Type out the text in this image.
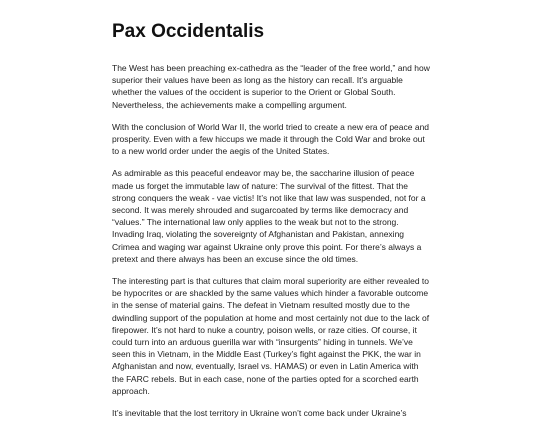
Pax Occidentalis

The West has been preaching ex-cathedra as the “leader of the free world,” and how superior their values have been as long as the history can recall. It’s arguable whether the values of the occident is superior to the Orient or Global South. Nevertheless, the achievements make a compelling argument.

With the conclusion of World War II, the world tried to create a new era of peace and prosperity. Even with a few hiccups we made it through the Cold War and broke out to a new world order under the aegis of the United States.

As admirable as this peaceful endeavor may be, the saccharine illusion of peace made us forget the immutable law of nature: The survival of the fittest. That the strong conquers the weak - vae victis! It’s not like that law was suspended, not for a second. It was merely shrouded and sugarcoated by terms like democracy and “values.” The international law only applies to the weak but not to the strong. Invading Iraq, violating the sovereignty of Afghanistan and Pakistan, annexing Crimea and waging war against Ukraine only prove this point. For there’s always a pretext and there always has been an excuse since the old times.

The interesting part is that cultures that claim moral superiority are either revealed to be hypocrites or are shackled by the same values which hinder a favorable outcome in the sense of material gains. The defeat in Vietnam resulted mostly due to the dwindling support of the population at home and most certainly not due to the lack of firepower. It’s not hard to nuke a country, poison wells, or raze cities. Of course, it could turn into an arduous guerilla war with “insurgents” hiding in tunnels. We’ve seen this in Vietnam, in the Middle East (Turkey’s fight against the PKK, the war in Afghanistan and now, eventually, Israel vs. HAMAS) or even in Latin America with the FARC rebels. But in each case, none of the parties opted for a scorched earth approach.

It’s inevitable that the lost territory in Ukraine won’t come back under Ukraine’s
